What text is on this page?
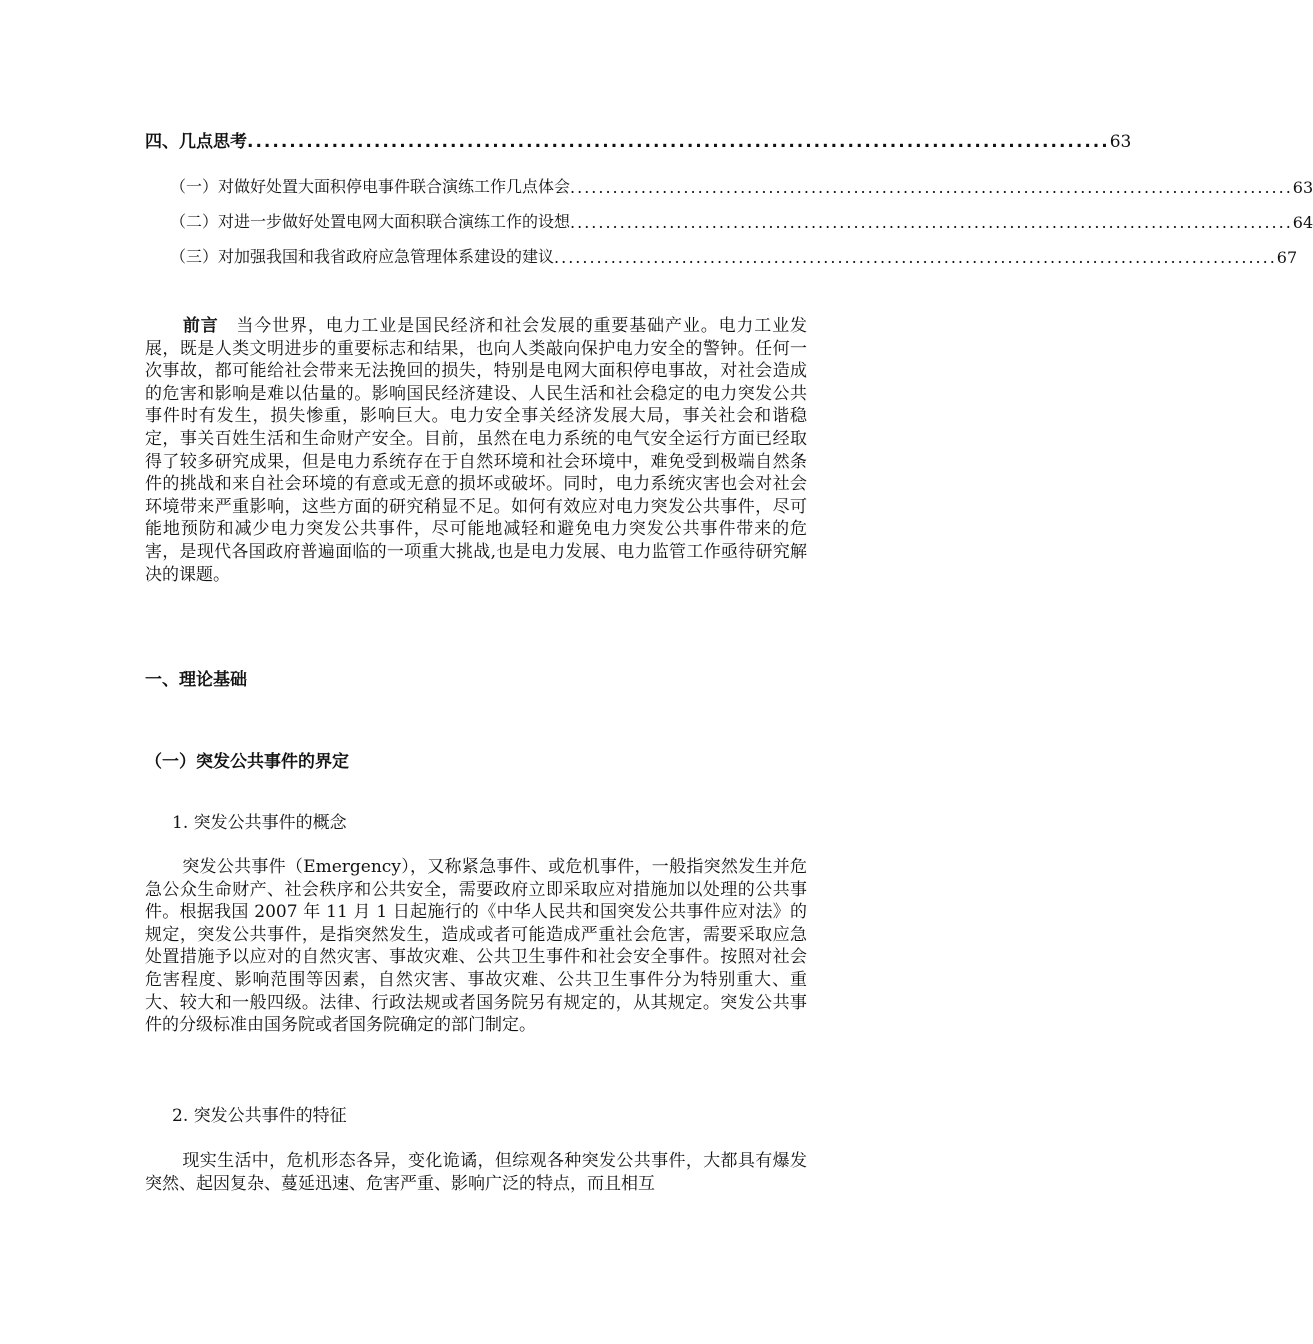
四、几点思考 ...................................................................................................... 63
（一）对做好处置大面积停电事件联合演练工作几点体会 ...................................................................................................... 63
（二）对进一步做好处置电网大面积联合演练工作的设想 ...................................................................................................... 64
（三）对加强我国和我省政府应急管理体系建设的建议 ...................................................................................................... 67
前言 当今世界，电力工业是国民经济和社会发展的重要基础产业。电力工业发展，既是人类文明进步的重要标志和结果，也向人类敲向保护电力安全的警钟。任何一次事故，都可能给社会带来无法挽回的损失，特别是电网大面积停电事故，对社会造成的危害和影响是难以估量的。影响国民经济建设、人民生活和社会稳定的电力突发公共事件时有发生，损失惨重，影响巨大。电力安全事关经济发展大局，事关社会和谐稳定，事关百姓生活和生命财产安全。目前，虽然在电力系统的电气安全运行方面已经取得了较多研究成果，但是电力系统存在于自然环境和社会环境中，难免受到极端自然条件的挑战和来自社会环境的有意或无意的损坏或破坏。同时，电力系统灾害也会对社会环境带来严重影响，这些方面的研究稍显不足。如何有效应对电力突发公共事件，尽可能地预防和减少电力突发公共事件，尽可能地减轻和避免电力突发公共事件带来的危害，是现代各国政府普遍面临的一项重大挑战,也是电力发展、电力监管工作亟待研究解决的课题。
一、理论基础
（一）突发公共事件的界定
1. 突发公共事件的概念
突发公共事件（Emergency），又称紧急事件、或危机事件，一般指突然发生并危急公众生命财产、社会秩序和公共安全，需要政府立即采取应对措施加以处理的公共事件。根据我国 2007 年 11 月 1 日起施行的《中华人民共和国突发公共事件应对法》的规定，突发公共事件，是指突然发生，造成或者可能造成严重社会危害，需要采取应急处置措施予以应对的自然灾害、事故灾难、公共卫生事件和社会安全事件。按照对社会危害程度、影响范围等因素，自然灾害、事故灾难、公共卫生事件分为特别重大、重大、较大和一般四级。法律、行政法规或者国务院另有规定的，从其规定。突发公共事件的分级标准由国务院或者国务院确定的部门制定。
2. 突发公共事件的特征
现实生活中，危机形态各异，变化诡谲，但综观各种突发公共事件，大都具有爆发突然、起因复杂、蔓延迅速、危害严重、影响广泛的特点，而且相互
